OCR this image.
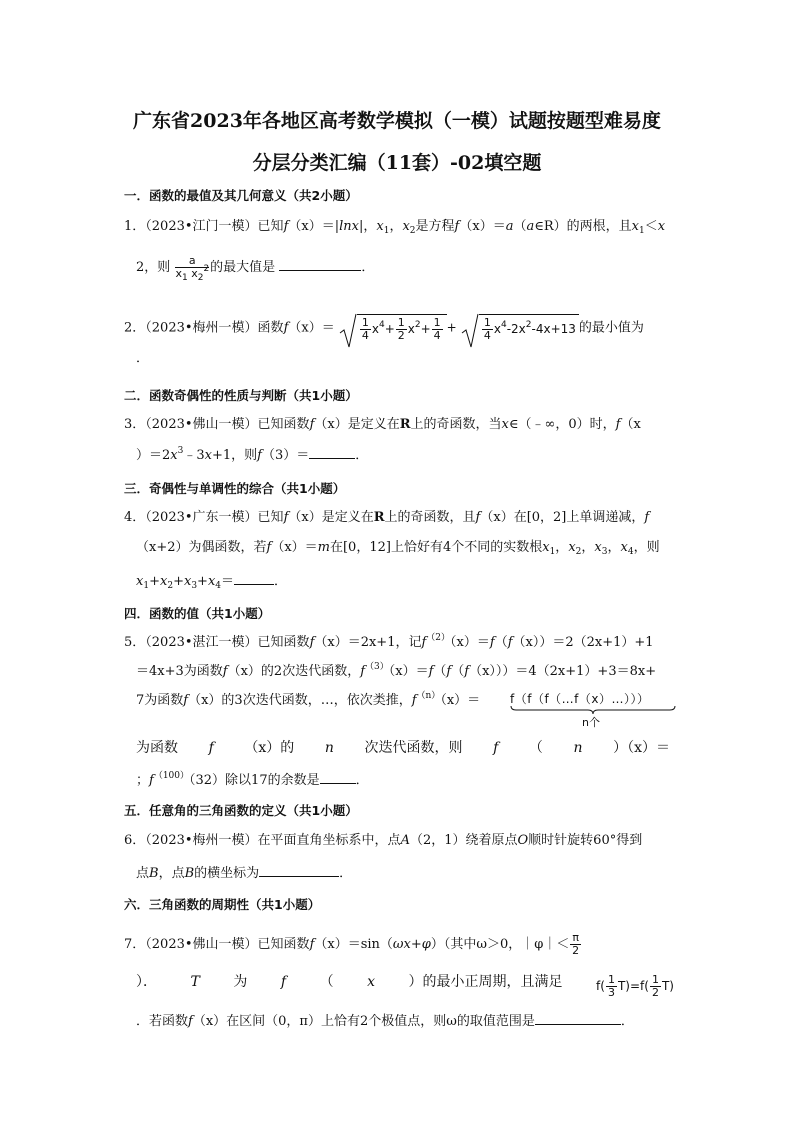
广东省2023年各地区高考数学模拟（一模）试题按题型难易度
分层分类汇编（11套）-02填空题
一．函数的最值及其几何意义（共2小题）
1．（2023•江门一模）已知f（x）＝|lnx|，$x_1$，$x_2$是方程f（x）＝a（a∈R）的两根，且$x_1<x$
2，则 $\frac{a}{x_1 x_2^2}$ 的最大值是	．
2．（2023•梅州一模）函数$f(x)= \frac{1}{4} x^4+ \frac{1}{2} x^2+ \frac{1}{4} + \frac{1}{4} x^4-2x^2-4x+13$ 的最小值为
．
二．函数奇偶性的性质与判断（共1小题）
3．（2023•佛山一模）已知函数f（x）是定义在R上的奇函数，当x∈（﹣∞，0）时，f（x
）$=2x^3﹣3x+1$，则f（3）＝	．
三．奇偶性与单调性的综合（共1小题）
4．（2023•广东一模）已知f（x）是定义在R上的奇函数，且f（x）在[0，2]上单调递减，f
（x+2）为偶函数，若f（x）＝m在[0，12]上恰好有4个不同的实数根$x_1$，$x_2$，$x_3$，$x_4$，则
$x_1+x_2+x_3+x_4=$	．
四．函数的值（共1小题）
5．（2023•湛江一模）已知函数f（x）＝2x+1，记$f^{(2)}(x)=f(f(x))=2(2x+1)+1$
＝4x+3为函数f（x）的2次迭代函数，$f^{(3)}(x)=f(f(f(x)))=4(2x+1)+3=8x+$
7为函数f（x）的3次迭代函数，…，依次类推，$f^{(n)}(x)=$ f（f（f（…f（x）…）））
n个
为函数 f （x）的 n 次迭代函数，则 f （ n ）（x）＝
；$f^{(100)}(32)$除以17的余数是	．
五．任意角的三角函数的定义（共1小题）
6．（2023•梅州一模）在平面直角坐标系中，点A（2，1）绕着原点O顺时针旋转60°得到
点B，点B的横坐标为	．
六．三角函数的周期性（共1小题）
7．（2023•佛山一模）已知函数f（x）＝sin（ωx+φ）（其中ω＞0，｜φ｜＜ $\frac{\pi}{2}$
）． T 为 f （ x ）的最小正周期，且满足	$f( \frac{1}{3} T)=f( \frac{1}{2} T)$
．若函数f（x）在区间（0，π）上恰有2个极值点，则ω的取值范围是	．
